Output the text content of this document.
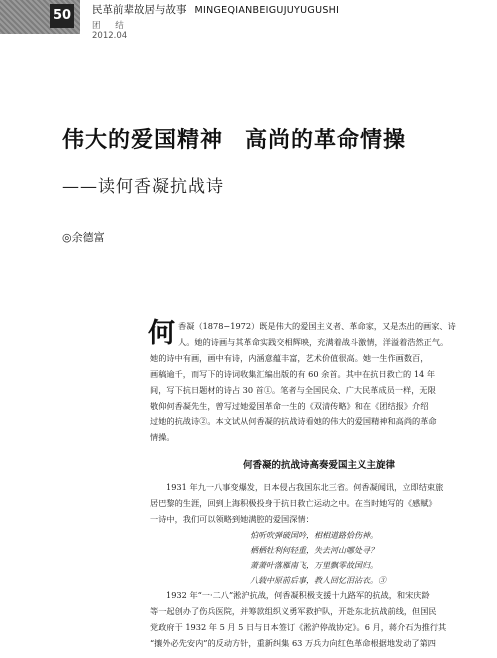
50 民革前辈故居与故事 MINGEQIANBEIGUJUYUGUSHI
团 结
2012.04
伟大的爱国精神 高尚的革命情操
——读何香凝抗战诗
◎余德富
何 香凝（1878−1972）既是伟大的爱国主义者、革命家，又是杰出的画家、诗
人。她的诗画与其革命实践交相辉映，充满着战斗激情，洋溢着浩然正气。
她的诗中有画，画中有诗，内涵意蕴丰富，艺术价值很高。她一生作画数百，
画稿逾千，而写下的诗词收集汇编出版的有 60 余首。其中在抗日救亡的 14 年
间，写下抗日题材的诗占 30 首①。笔者与全国民众、广大民革成员一样，无限
敬仰何香凝先生，曾写过她爱国革命一生的《双清传略》和在《团结报》介绍
过她的抗战诗②。本文试从何香凝的抗战诗看她的伟大的爱国精神和高尚的革命
情操。
何香凝的抗战诗高奏爱国主义主旋律
1931 年九一八事变爆发，日本侵占我国东北三省。何香凝闻讯，立即结束旅
居巴黎的生涯，回到上海积极投身于抗日救亡运动之中。在当时她写的《感赋》
一诗中，我们可以领略到她满腔的爱国深情：
怕听吹弹破国吟，相相道路恰伤神。
栖栖牡利何轻重，失去河山哪处寻？
萧萧叶落雁南飞，万里飘零故国归。
八载中原前后事，教人回忆泪沾衣。③
1932 年“一·二八”淞沪抗战，何香凝积极支援十九路军的抗战，和宋庆龄
等一起创办了伤兵医院，并筹款组织义勇军救护队，开赴东北抗战前线，但国民
党政府于 1932 年 5 月 5 日与日本签订《淞沪停战协定》。6 月，蒋介石为推行其
“攘外必先安内”的反动方针，重新纠集 63 万兵力向红色革命根据地发动了第四
